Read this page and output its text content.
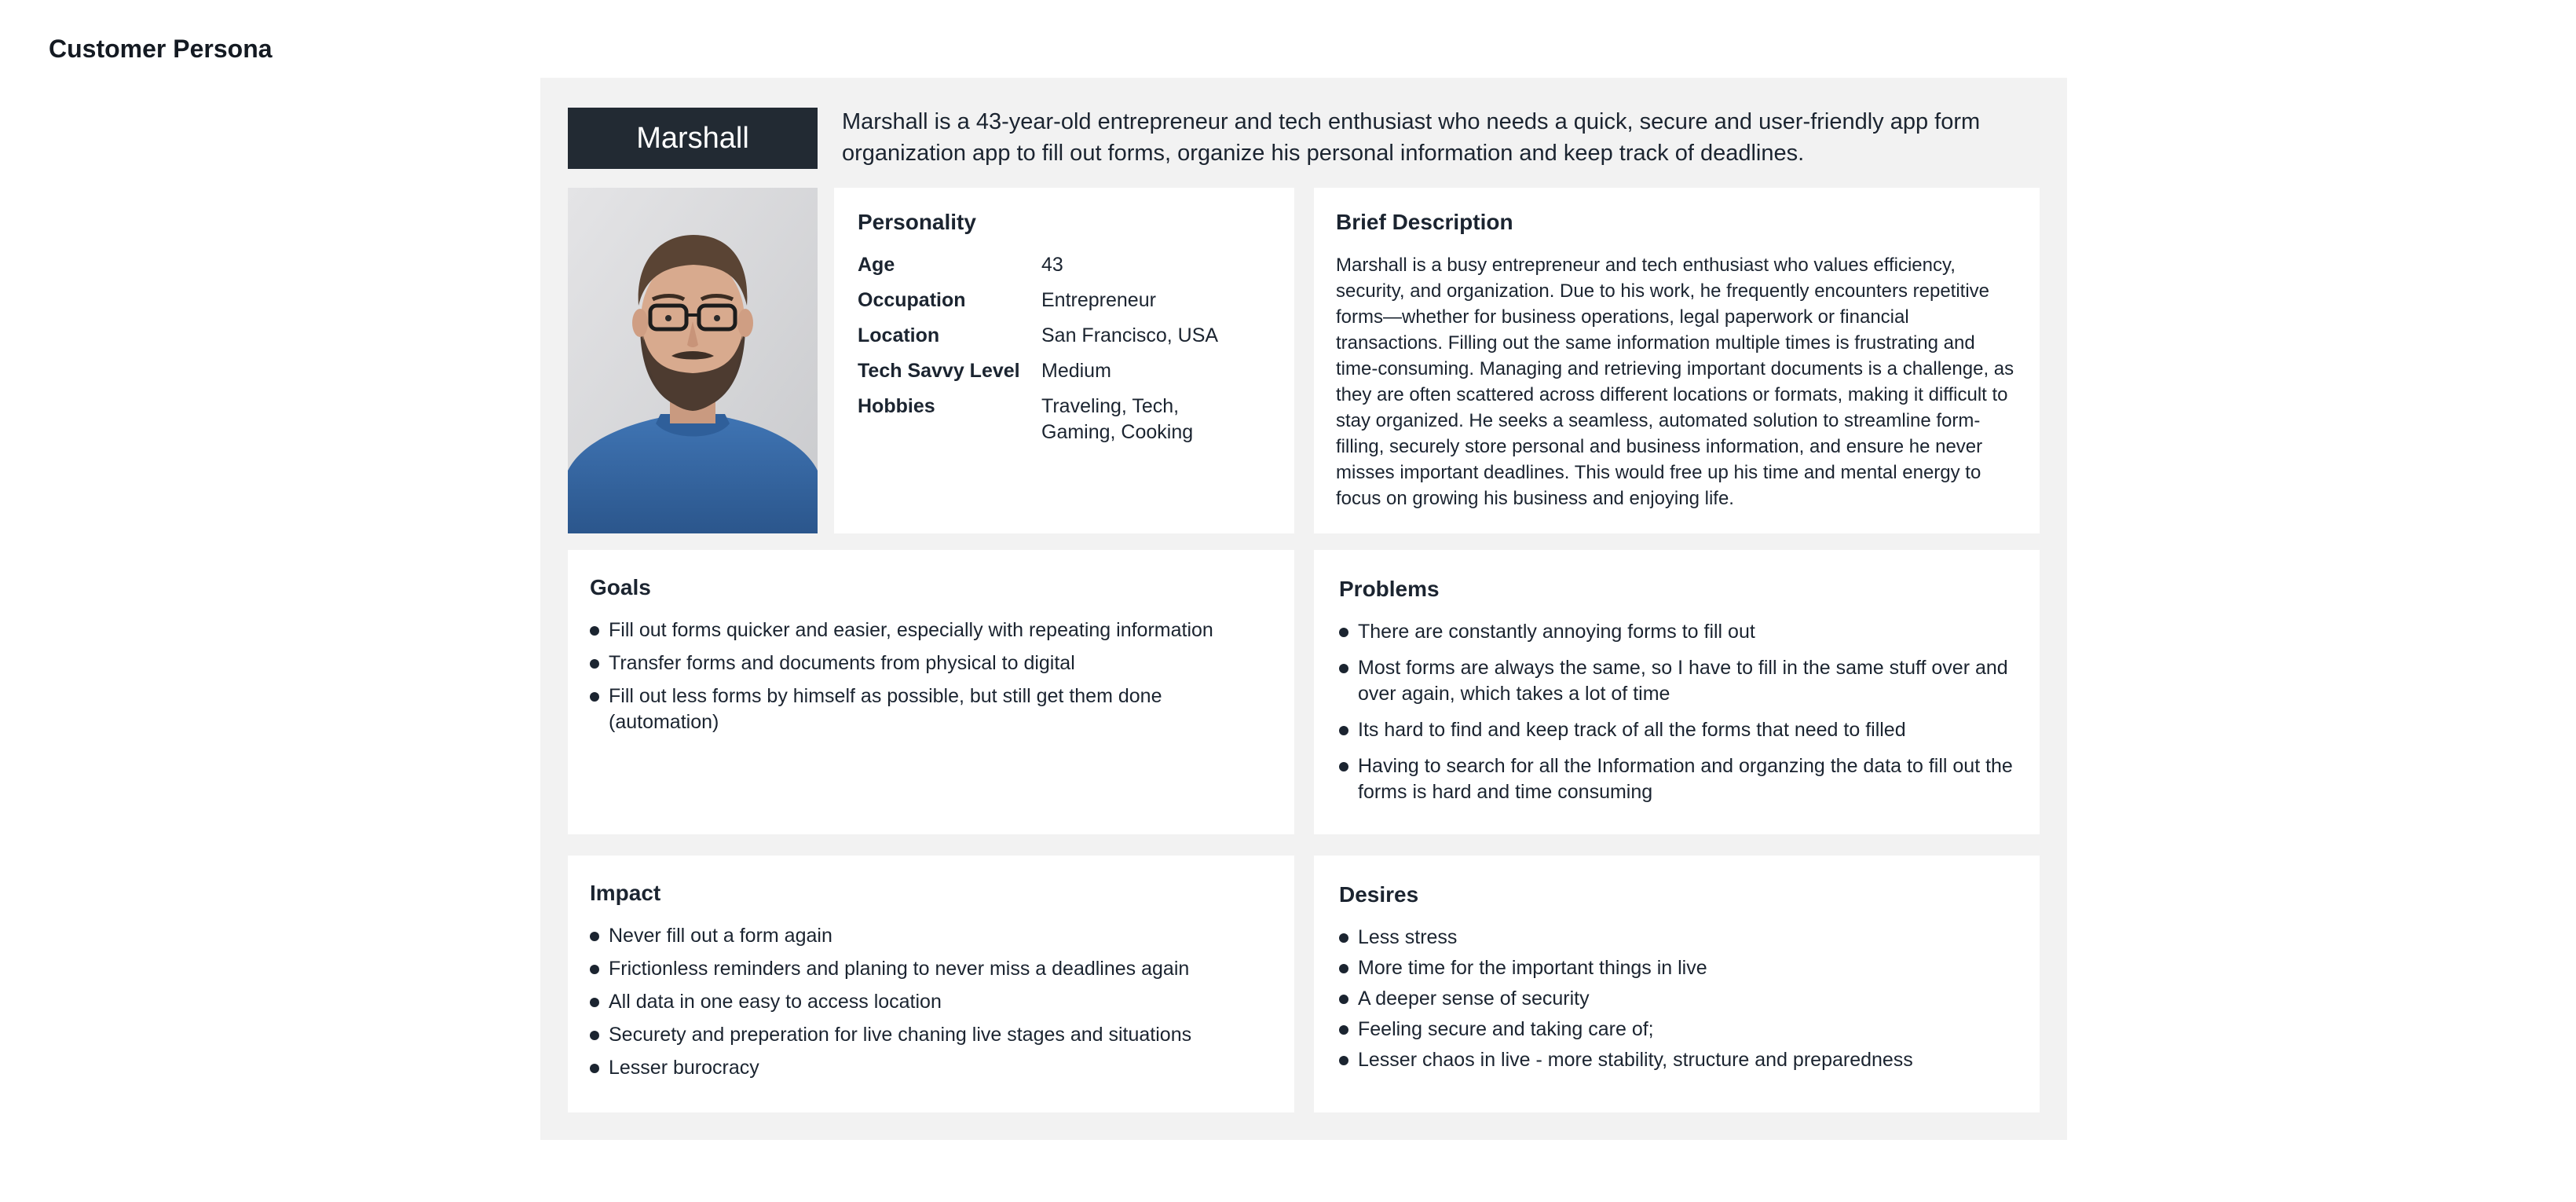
Customer Persona
Marshall	Marshall is a 43-year-old entrepreneur and tech enthusiast who needs a quick, secure and user-friendly app form organization app to fill out forms, organize his personal information and keep track of deadlines.
Personality
Age	43
Occupation	Entrepreneur
Location	San Francisco, USA
Tech Savvy Level	Medium
Hobbies	Traveling, Tech, Gaming, Cooking
Brief Description
Marshall is a busy entrepreneur and tech enthusiast who values efficiency, security, and organization. Due to his work, he frequently encounters repetitive forms—whether for business operations, legal paperwork or financial transactions. Filling out the same information multiple times is frustrating and time-consuming. Managing and retrieving important documents is a challenge, as they are often scattered across different locations or formats, making it difficult to stay organized. He seeks a seamless, automated solution to streamline form-filling, securely store personal and business information, and ensure he never misses important deadlines. This would free up his time and mental energy to focus on growing his business and enjoying life.
Goals
Fill out forms quicker and easier, especially with repeating information
Transfer forms and documents from physical to digital
Fill out less forms by himself as possible, but still get them done (automation)
Problems
There are constantly annoying forms to fill out
Most forms are always the same, so I have to fill in the same stuff over and over again, which takes a lot of time
Its hard to find and keep track of all the forms that need to filled
Having to search for all the Information and organzing the data to fill out the forms is hard and time consuming
Impact
Never fill out a form again
Frictionless reminders and planing to never miss a deadlines again
All data in one easy to access location
Securety and preperation for live chaning live stages and situations
Lesser burocracy
Desires
Less stress
More time for the important things in live
A deeper sense of security
Feeling secure and taking care of;
Lesser chaos in live - more stability, structure and preparedness
